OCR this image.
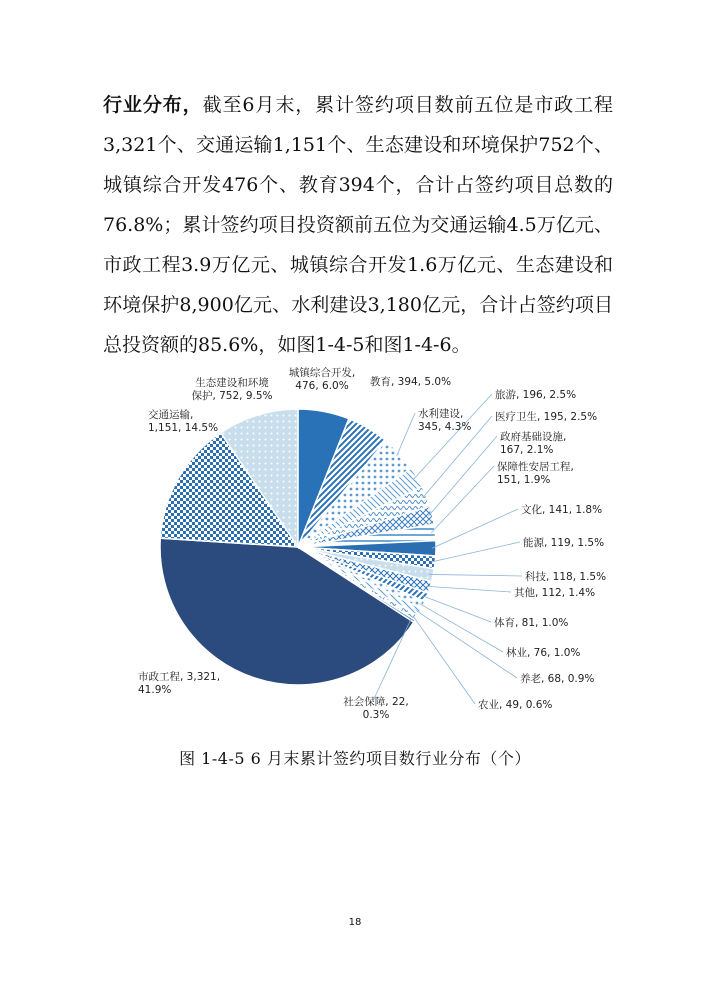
行业分布，截至6月末，累计签约项目数前五位是市政工程3,321个、交通运输1,151个、生态建设和环境保护752个、城镇综合开发476个、教育394个，合计占签约项目总数的76.8%；累计签约项目投资额前五位为交通运输4.5万亿元、市政工程3.9万亿元、城镇综合开发1.6万亿元、生态建设和环境保护8,900亿元、水利建设3,180亿元，合计占签约项目总投资额的85.6%，如图1-4-5和图1-4-6。

市政工程, 3,321, 41.9%
交通运输, 1,151, 14.5%
生态建设和环境保护, 752, 9.5%
城镇综合开发, 476, 6.0%	教育, 394, 5.0%
水利建设, 345, 4.3%
旅游, 196, 2.5%
医疗卫生, 195, 2.5%
政府基础设施, 167, 2.1%
保障性安居工程, 151, 1.9%
文化, 141, 1.8%
能源, 119, 1.5%
科技, 118, 1.5%
其他, 112, 1.4%
体育, 81, 1.0%
林业, 76, 1.0%
养老, 68, 0.9%
农业, 49, 0.6%
社会保障, 22, 0.3%
图 1-4-5 6 月末累计签约项目数行业分布（个）
18
